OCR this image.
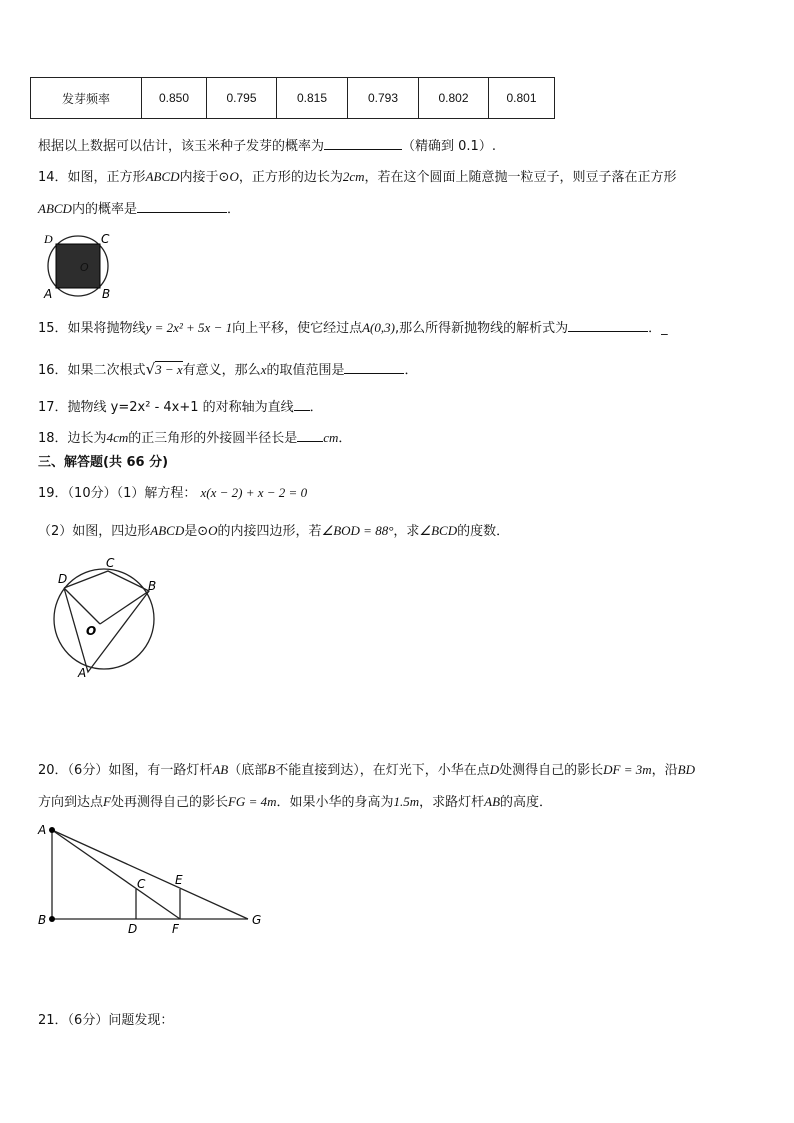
发芽频率	0.850	0.795	0.815	0.793	0.802	0.801
根据以上数据可以估计，该玉米种子发芽的概率为	（精确到 0.1）.
14．如图，正方形ABCD内接于⊙O，正方形的边长为2cm，若在这个圆面上随意抛一粒豆子，则豆子落在正方形
ABCD内的概率是	．
D	C
A	B
O
15．如果将抛物线y = 2x² + 5x − 1向上平移，使它经过点A(0,3),那么所得新抛物线的解析式为	．_
16．如果二次根式√3 − x有意义，那么x的取值范围是	．
17．抛物线 y=2x² - 4x+1 的对称轴为直线 ．
18．边长为4cm的正三角形的外接圆半径长是 cm．
三、解答题(共 66 分)
19．（10分）（1）解方程： x(x − 2) + x − 2 = 0
（2）如图，四边形ABCD是⊙O的内接四边形，若∠BOD = 88°，求∠BCD的度数．
C
D	B
O
A
20．（6分）如图，有一路灯杆AB（底部B不能直接到达），在灯光下，小华在点D处测得自己的影长DF = 3m，沿BD
方向到达点F处再测得自己的影长FG = 4m．如果小华的身高为1.5m，求路灯杆AB的高度．
A
B
C E
D	F
G
21．（6分）问题发现：
